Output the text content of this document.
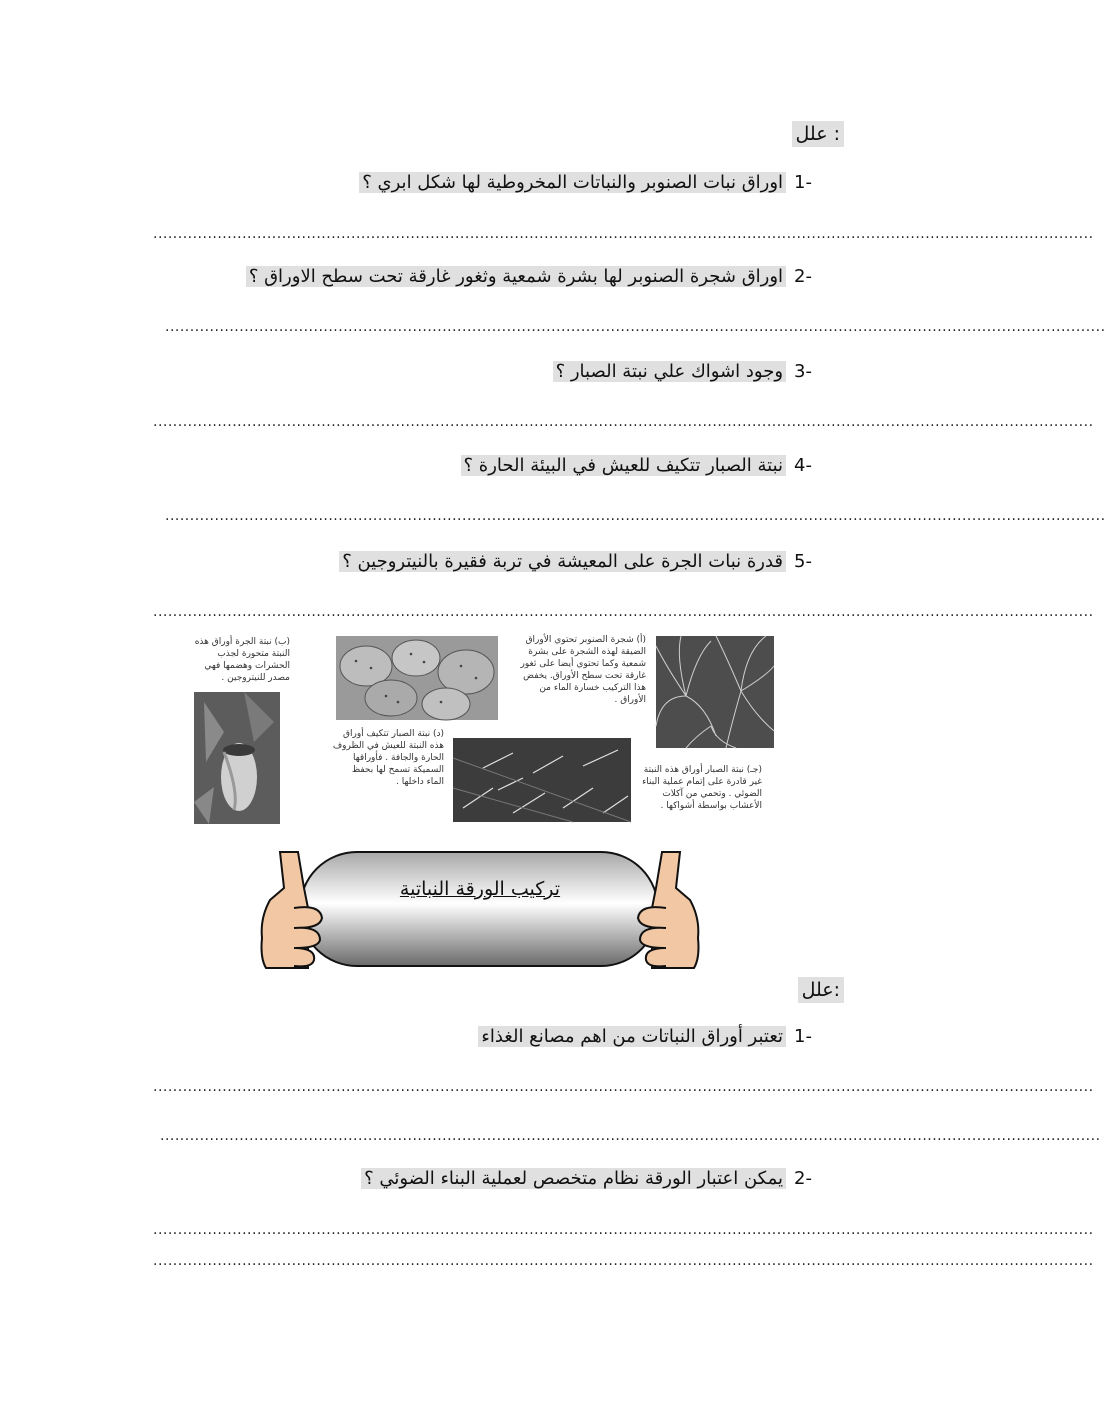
علل :
-1اوراق نبات الصنوبر والنباتات المخروطية لها شكل ابري ؟
..............................................................................................................................................................................................
-2اوراق شجرة الصنوبر لها بشرة شمعية وثغور غارقة تحت سطح الاوراق ؟
..............................................................................................................................................................................................
-3وجود اشواك علي نبتة الصبار ؟
..............................................................................................................................................................................................
-4نبتة الصبار تتكيف للعيش في البيئة الحارة ؟
..............................................................................................................................................................................................
-5قدرة نبات الجرة على المعيشة في تربة فقيرة بالنيتروجين ؟
..............................................................................................................................................................................................
(ب) نبتة الجرة أوراق هذه النبتة متحورة لجذب الحشرات وهضمها فهي مصدر للنيتروجين .
(أ) شجرة الصنوبر تحتوي الأوراق الضيقة لهذه الشجرة على بشرة شمعية وكما تحتوي أيضا على ثغور غارقة تحت سطح الأوراق. يخفض هذا التركيب خسارة الماء من الأوراق .
(د) نبتة الصبار تتكيف أوراق هذه النبتة للعيش في الظروف الحارة والجافة . فأوراقها السميكة تسمح لها بحفظ الماء داخلها .
(جـ) نبتة الصبار أوراق هذه النبتة غير قادرة على إتمام عملية البناء الضوئي . وتحمي من آكلات الأعشاب بواسطة أشواكها .
تركيب الورقة النباتية
علل:
-1تعتبر أوراق النباتات من اهم مصانع الغذاء
..............................................................................................................................................................................................
..............................................................................................................................................................................................
-2يمكن اعتبار الورقة نظام متخصص لعملية البناء الضوئي ؟
..............................................................................................................................................................................................
..............................................................................................................................................................................................
